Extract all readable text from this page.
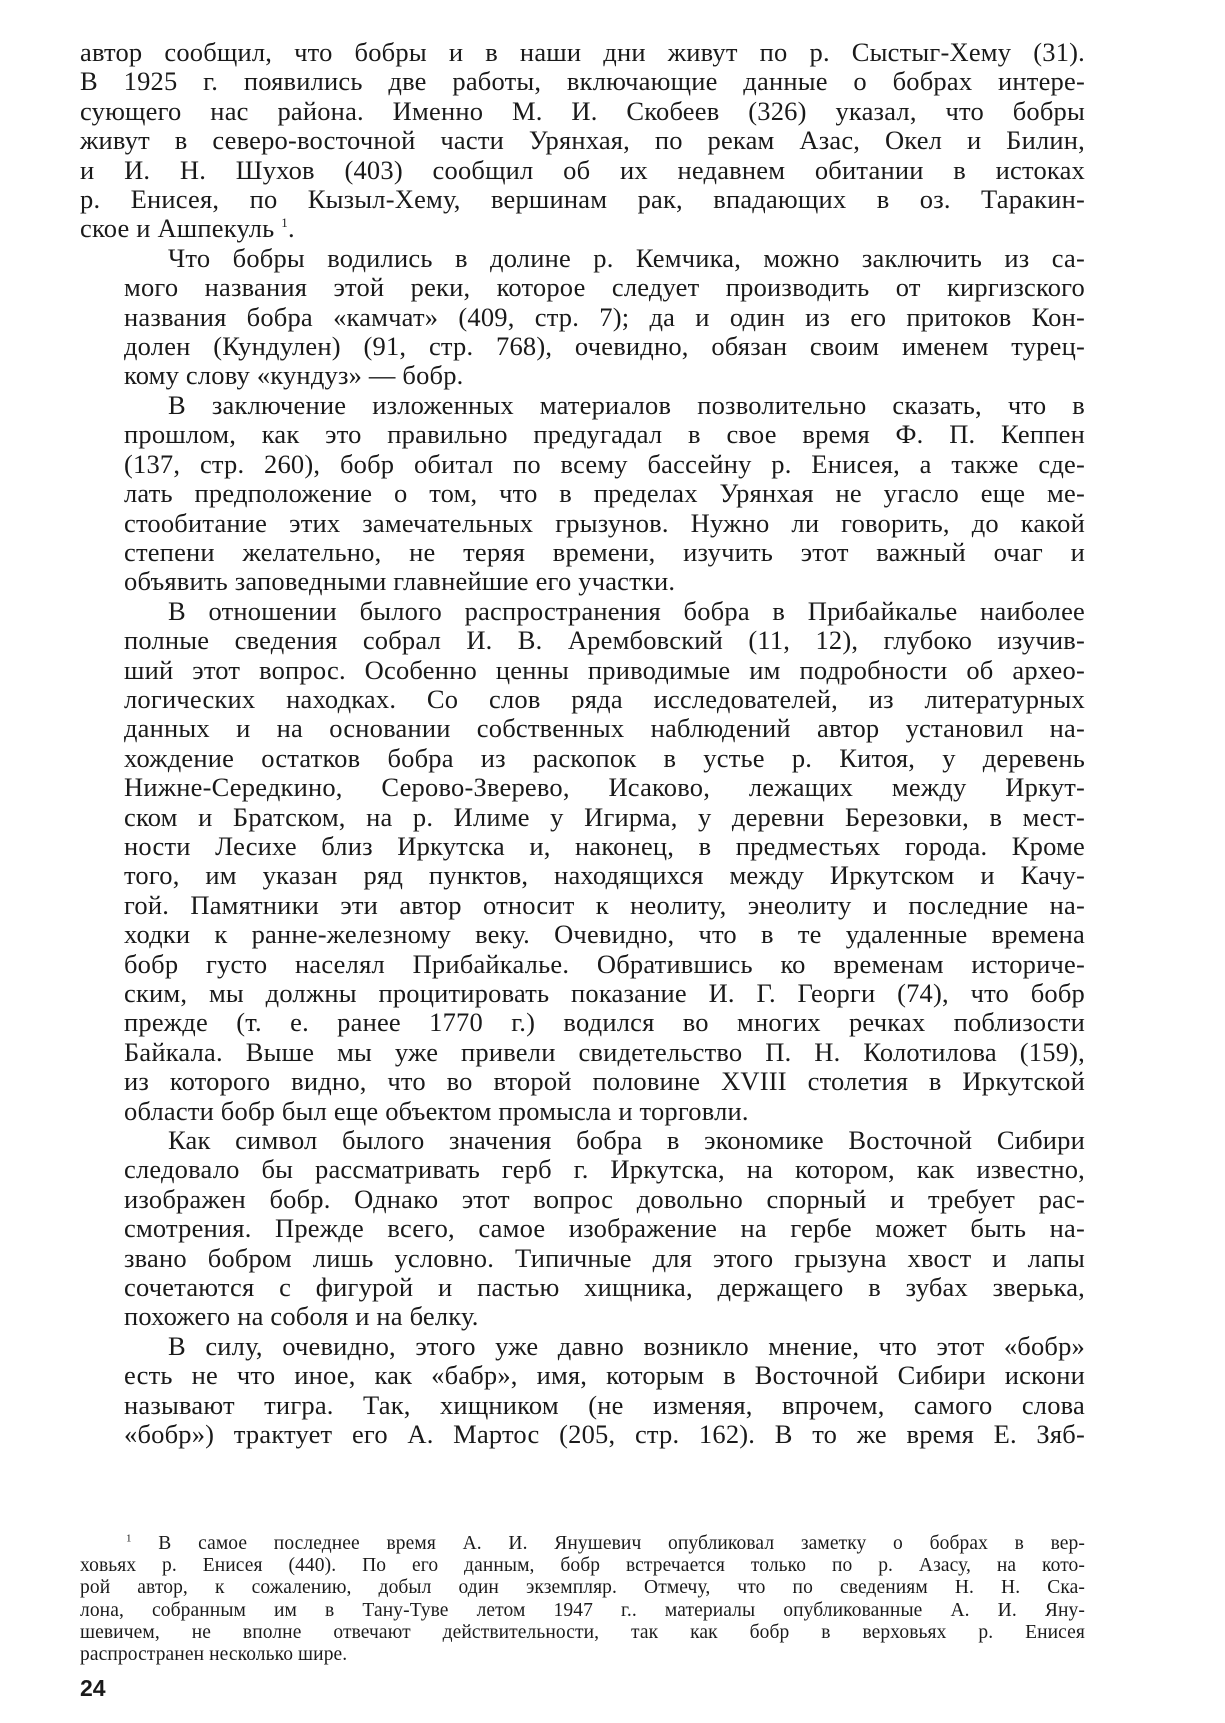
автор сообщил, что бобры и в наши дни живут по р. Сыстыг-Хему (31).
В 1925 г. появились две работы, включающие данные о бобрах интере-
сующего нас района. Именно М. И. Скобеев (326) указал, что бобры
живут в северо-восточной части Урянхая, по рекам Азас, Окел и Билин,
и И. Н. Шухов (403) сообщил об их недавнем обитании в истоках
р. Енисея, по Кызыл-Хему, вершинам рак, впадающих в оз. Таракин-
ское и Ашпекуль $^1$.
Что бобры водились в долине р. Кемчика, можно заключить из са-
мого названия этой реки, которое следует производить от киргизского
названия бобра «камчат» (409, стр. 7); да и один из его притоков Кон-
долен (Кундулен) (91, стр. 768), очевидно, обязан своим именем турец-
кому слову «кундуз» — бобр.
В заключение изложенных материалов позволительно сказать, что в
прошлом, как это правильно предугадал в свое время Ф. П. Кеппен
(137, стр. 260), бобр обитал по всему бассейну р. Енисея, а также сде-
лать предположение о том, что в пределах Урянхая не угасло еще ме-
стообитание этих замечательных грызунов. Нужно ли говорить, до какой
степени желательно, не теряя времени, изучить этот важный очаг и
объявить заповедными главнейшие его участки.
В отношении былого распространения бобра в Прибайкалье наиболее
полные сведения собрал И. В. Арембовский (11, 12), глубоко изучив-
ший этот вопрос. Особенно ценны приводимые им подробности об архео-
логических находках. Со слов ряда исследователей, из литературных
данных и на основании собственных наблюдений автор установил на-
хождение остатков бобра из раскопок в устье р. Китоя, у деревень
Нижне-Середкино, Серово-Зверево, Исаково, лежащих между Иркут-
ском и Братском, на р. Илиме у Игирма, у деревни Березовки, в мест-
ности Лесихе близ Иркутска и, наконец, в предместьях города. Кроме
того, им указан ряд пунктов, находящихся между Иркутском и Качу-
гой. Памятники эти автор относит к неолиту, энеолиту и последние на-
ходки к ранне-железному веку. Очевидно, что в те удаленные времена
бобр густо населял Прибайкалье. Обратившись ко временам историче-
ским, мы должны процитировать показание И. Г. Георги (74), что бобр
прежде (т. е. ранее 1770 г.) водился во многих речках поблизости
Байкала. Выше мы уже привели свидетельство П. Н. Колотилова (159),
из которого видно, что во второй половине XVIII столетия в Иркутской
области бобр был еще объектом промысла и торговли.
Как символ былого значения бобра в экономике Восточной Сибири
следовало бы рассматривать герб г. Иркутска, на котором, как известно,
изображен бобр. Однако этот вопрос довольно спорный и требует рас-
смотрения. Прежде всего, самое изображение на гербе может быть на-
звано бобром лишь условно. Типичные для этого грызуна хвост и лапы
сочетаются с фигурой и пастью хищника, держащего в зубах зверька,
похожего на соболя и на белку.
В силу, очевидно, этого уже давно возникло мнение, что этот «бобр»
есть не что иное, как «бабр», имя, которым в Восточной Сибири искони
называют тигра. Так, хищником (не изменяя, впрочем, самого слова
«бобр») трактует его А. Мартос (205, стр. 162). В то же время Е. Зяб-
$^1$ В самое последнее время А. И. Янушевич опубликовал заметку о бобрах в вер-
ховьях р. Енисея (440). По его данным, бобр встречается только по р. Азасу, на кото-
рой автор, к сожалению, добыл один экземпляр. Отмечу, что по сведениям Н. Н. Ска-
лона, собранным им в Тану-Туве летом 1947 г.. материалы опубликованные А. И. Яну-
шевичем, не вполне отвечают действительности, так как бобр в верховьях р. Енисея
распространен несколько шире.
24
